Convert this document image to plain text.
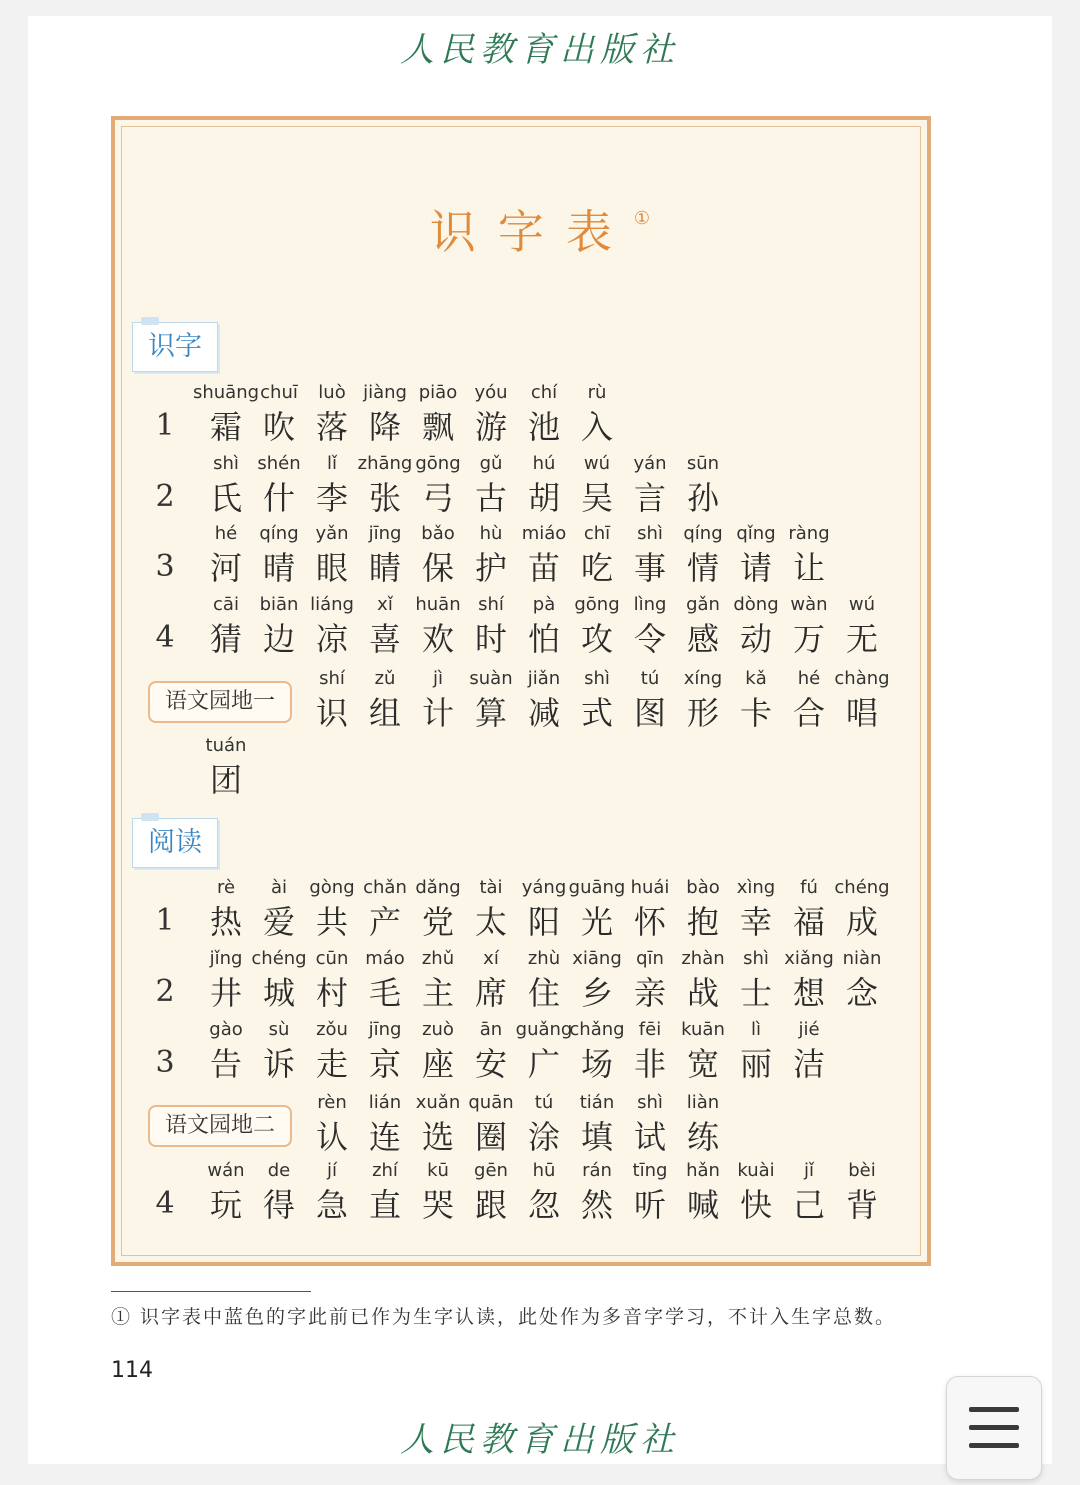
人民教育出版社
识字表①
识字
阅读
语文园地一
语文园地二
1
shuāng
霜
chuī
吹
luò
落
jiàng
降
piāo
飘
yóu
游
chí
池
rù
入
2
shì
氏
shén
什
lǐ
李
zhāng
张
gōng
弓
gǔ
古
hú
胡
wú
吴
yán
言
sūn
孙
3
hé
河
qíng
晴
yǎn
眼
jīng
睛
bǎo
保
hù
护
miáo
苗
chī
吃
shì
事
qíng
情
qǐng
请
ràng
让
4
cāi
猜
biān
边
liáng
凉
xǐ
喜
huān
欢
shí
时
pà
怕
gōng
攻
lìng
令
gǎn
感
dòng
动
wàn
万
wú
无
shí
识
zǔ
组
jì
计
suàn
算
jiǎn
减
shì
式
tú
图
xíng
形
kǎ
卡
hé
合
chàng
唱
tuán
团
1
rè
热
ài
爱
gòng
共
chǎn
产
dǎng
党
tài
太
yáng
阳
guāng
光
huái
怀
bào
抱
xìng
幸
fú
福
chéng
成
2
jǐng
井
chéng
城
cūn
村
máo
毛
zhǔ
主
xí
席
zhù
住
xiāng
乡
qīn
亲
zhàn
战
shì
士
xiǎng
想
niàn
念
3
gào
告
sù
诉
zǒu
走
jīng
京
zuò
座
ān
安
guǎng
广
chǎng
场
fēi
非
kuān
宽
lì
丽
jié
洁
rèn
认
lián
连
xuǎn
选
quān
圈
tú
涂
tián
填
shì
试
liàn
练
4
wán
玩
de
得
jí
急
zhí
直
kū
哭
gēn
跟
hū
忽
rán
然
tīng
听
hǎn
喊
kuài
快
jǐ
己
bèi
背
① 识字表中蓝色的字此前已作为生字认读，此处作为多音字学习，不计入生字总数。
114
人民教育出版社
